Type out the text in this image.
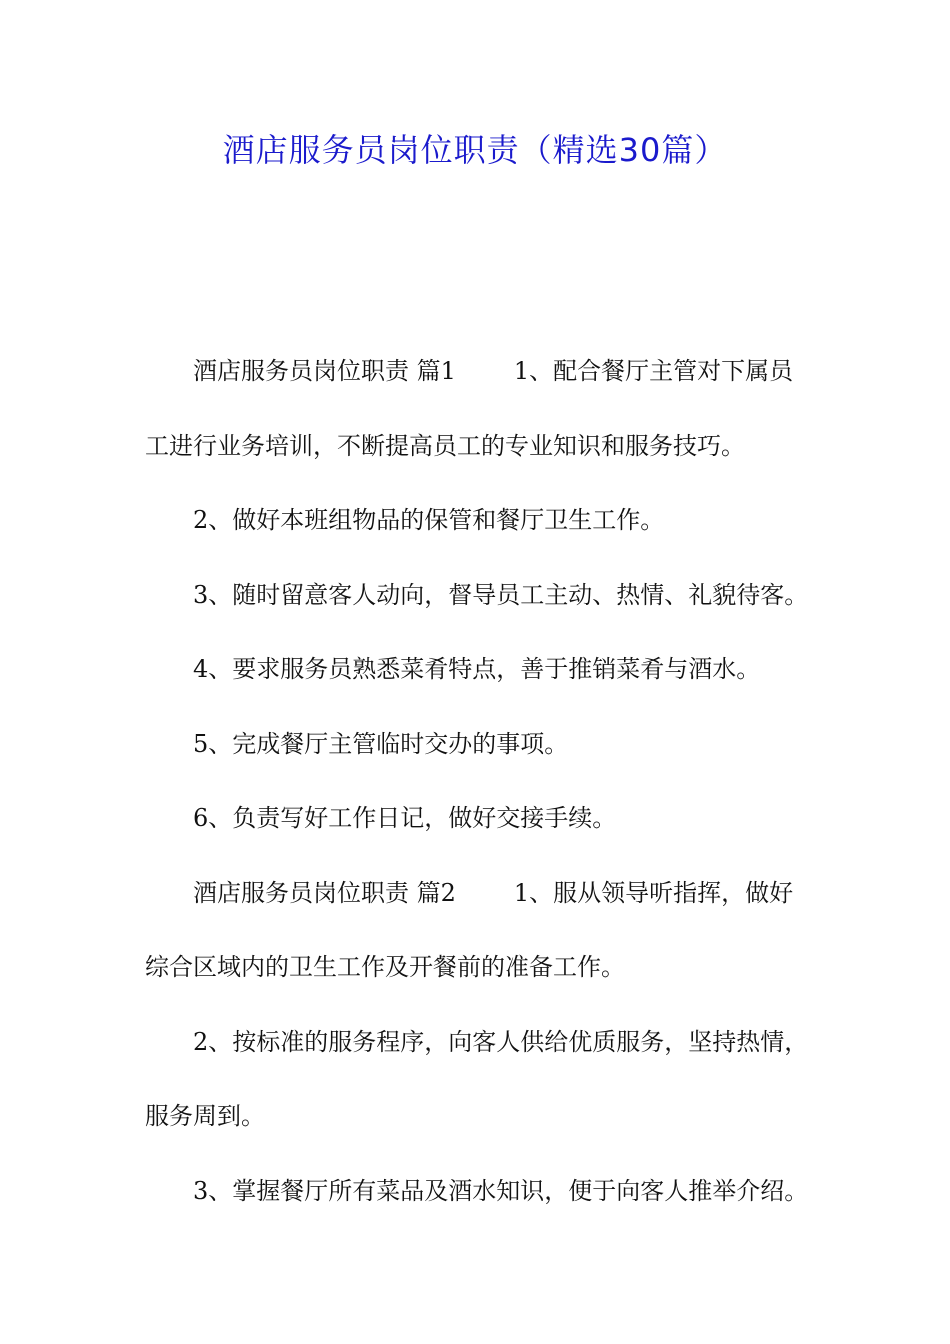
酒店服务员岗位职责（精选30篇）
酒店服务员岗位职责 篇1 1、配合餐厅主管对下属员
工进行业务培训，不断提高员工的专业知识和服务技巧。
2、做好本班组物品的保管和餐厅卫生工作。
3、随时留意客人动向，督导员工主动、热情、礼貌待客。
4、要求服务员熟悉菜肴特点，善于推销菜肴与酒水。
5、完成餐厅主管临时交办的事项。
6、负责写好工作日记，做好交接手续。
酒店服务员岗位职责 篇2 1、服从领导听指挥，做好
综合区域内的卫生工作及开餐前的准备工作。
2、按标准的服务程序，向客人供给优质服务，坚持热情，
服务周到。
3、掌握餐厅所有菜品及酒水知识，便于向客人推举介绍。
